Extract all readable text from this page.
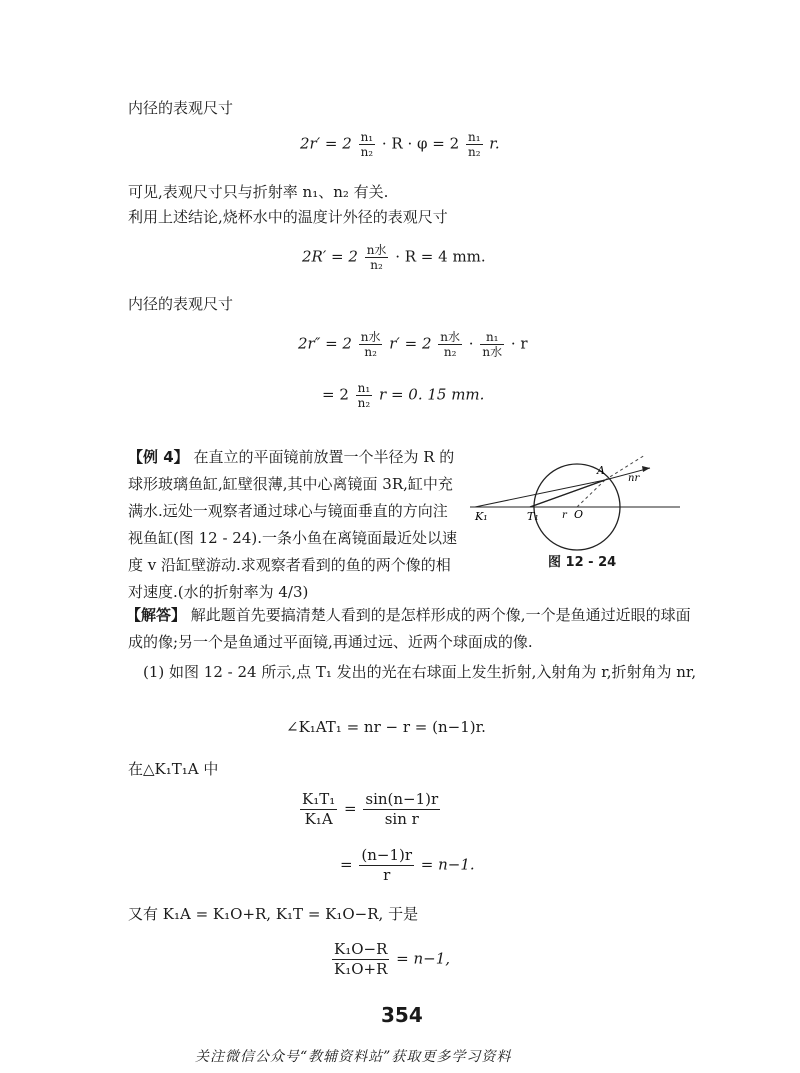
内径的表观尺寸
$2r' = 2 \frac{\text{n₁}}{\text{n₂}} \cdot R \cdot \varphi = 2 \frac{\text{n₁}}{\text{n₂}} r$.
可见,表观尺寸只与折射率 n₁、n₂ 有关.
利用上述结论,烧杯水中的温度计外径的表观尺寸
$2R' = 2 \frac{\text{n水}}{\text{n₂}} \cdot R = 4$ mm.
内径的表观尺寸
$2r'' = 2 \frac{\text{n水}}{\text{n₂}} r' = 2 \frac{\text{n水}}{\text{n₂}} \cdot \frac{\text{n₁}}{\text{n水}} \cdot r$
= $2 \frac{\text{n₁}}{\text{n₂}}$ r = 0. 15 mm.
【例 4】 在直立的平面镜前放置一个半径为 R 的球形玻璃鱼缸,缸壁很薄,其中心离镜面 3R,缸中充满水.远处一观察者通过球心与镜面垂直的方向注视鱼缸(图 12 - 24).一条小鱼在离镜面最近处以速度 v 沿缸壁游动.求观察者看到的鱼的两个像的相对速度.(水的折射率为 4/3)
A
nr
K₁	T₁ r O
图 12 - 24
【解答】 解此题首先要搞清楚人看到的是怎样形成的两个像,一个是鱼通过近眼的球面成的像;另一个是鱼通过平面镜,再通过远、近两个球面成的像.
(1) 如图 12 - 24 所示,点 T₁ 发出的光在右球面上发生折射,入射角为 r,折射角为 nr,
∠K₁AT₁ = nr − r = (n−1)r.
在△K₁T₁A 中
$\frac{\text{K₁T₁}}{\text{K₁A}} = \frac{\sin(n-1)r}{\text{sin r}}$
= $\frac{(n-1)r}{r} = n-1$.
又有 K₁A = K₁O+R, K₁T = K₁O−R, 于是
$\frac{\text{K₁O−R}}{\text{K₁O+R}} = n-1$,
354
关注微信公众号“教辅资料站”获取更多学习资料
